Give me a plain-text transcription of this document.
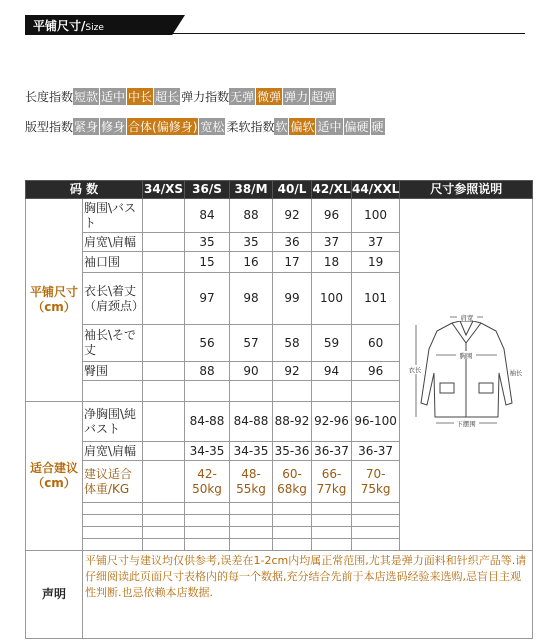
平铺尺寸/Size
长度指数短款 适中 中长 超长 弹力指数无弹 微弹 弹力 超弹
版型指数紧身 修身 合体(偏修身) 宽松 柔软指数软 偏软 适中 偏硬 硬
码 数		34/XS	36/S	38/M	40/L	42/XL	44/XXL	尺寸参照说明
平铺尺寸（cm）	胸围\バスト		84	88	92	96	100	肩宽
胸围
衣长 袖长
下摆围

	肩宽\肩幅		35	35	36	37	37	
	袖口围		15	16	17	18	19	
	衣长\着丈（肩颈点）		97	98	99	100	101	
	袖长\そで丈		56	57	58	59	60	
	臀围		88	90	92	94	96	

适合建议（cm）	净胸围\純バスト		84-88	84-88	88-92	92-96	96-100	
	肩宽\肩幅		34-35	34-35	35-36	36-37	36-37	
	建议适合体重/KG		42-50kg	48-55kg	60-68kg	66-77kg	70-75kg	

声明	平铺尺寸与建议均仅供参考,误差在1-2cm内均属正常范围,尤其是弹力面料和针织产品等.请仔细阅读此页面尺寸表格内的每一个数据,充分结合先前于本店选码经验来选购,忌盲目主观性判断.也忌依赖本店数据.							
